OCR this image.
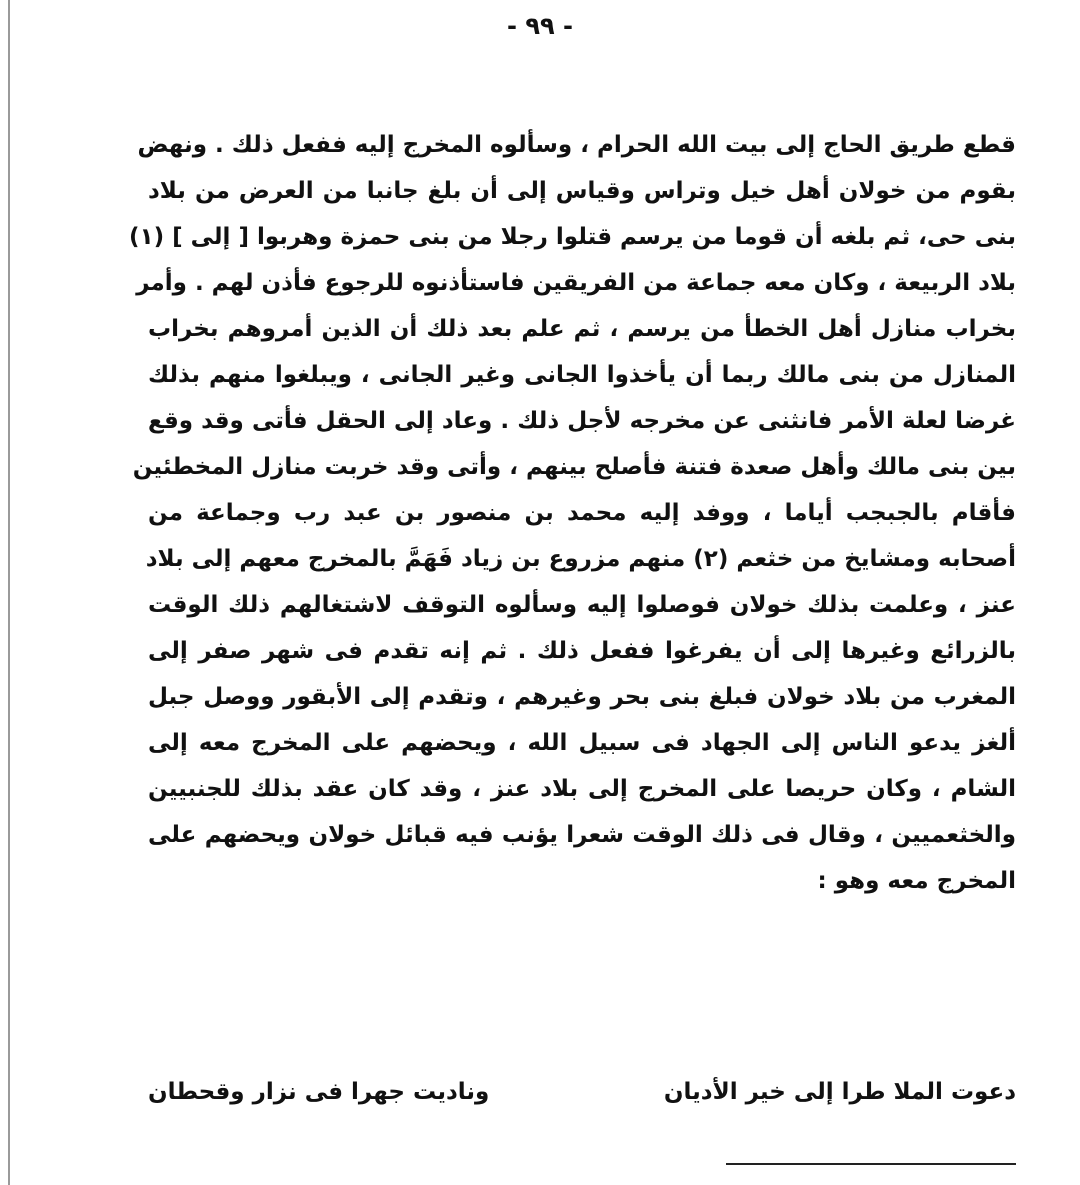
- ٩٩ -
قطع طريق الحاج إلى بيت الله الحرام ، وسألوه المخرج إليه ففعل ذلك . ونهض
بقوم من خولان أهل خيل وتراس وقياس إلى أن بلغ جانبا من العرض من بلاد
بنى حى، ثم بلغه أن قوما من يرسم قتلوا رجلا من بنى حمزة وهربوا [ إلى ] (١)
بلاد الربيعة ، وكان معه جماعة من الفريقين فاستأذنوه للرجوع فأذن لهم . وأمر
بخراب منازل أهل الخطأ من يرسم ، ثم علم بعد ذلك أن الذين أمروهم بخراب
المنازل من بنى مالك ربما أن يأخذوا الجانى وغير الجانى ، ويبلغوا منهم بذلك
غرضا لعلة الأمر فانثنى عن مخرجه لأجل ذلك . وعاد إلى الحقل فأتى وقد وقع
بين بنى مالك وأهل صعدة فتنة فأصلح بينهم ، وأتى وقد خربت منازل المخطئين
فأقام بالجبجب أياما ، ووفد إليه محمد بن منصور بن عبد رب وجماعة من
أصحابه ومشايخ من خثعم (٢) منهم مزروع بن زياد فَهَمَّ بالمخرج معهم إلى بلاد
عنز ، وعلمت بذلك خولان فوصلوا إليه وسألوه التوقف لاشتغالهم ذلك الوقت
بالزرائع وغيرها إلى أن يفرغوا ففعل ذلك . ثم إنه تقدم فى شهر صفر إلى
المغرب من بلاد خولان فبلغ بنى بحر وغيرهم ، وتقدم إلى الأبقور ووصل جبل
ألغز يدعو الناس إلى الجهاد فى سبيل الله ، ويحضهم على المخرج معه إلى
الشام ، وكان حريصا على المخرج إلى بلاد عنز ، وقد كان عقد بذلك للجنبيين
والخثعميين ، وقال فى ذلك الوقت شعرا يؤنب فيه قبائل خولان ويحضهم على
المخرج معه وهو :
دعوت الملا طرا إلى خير الأديان
وناديت جهرا فى نزار وقحطان
